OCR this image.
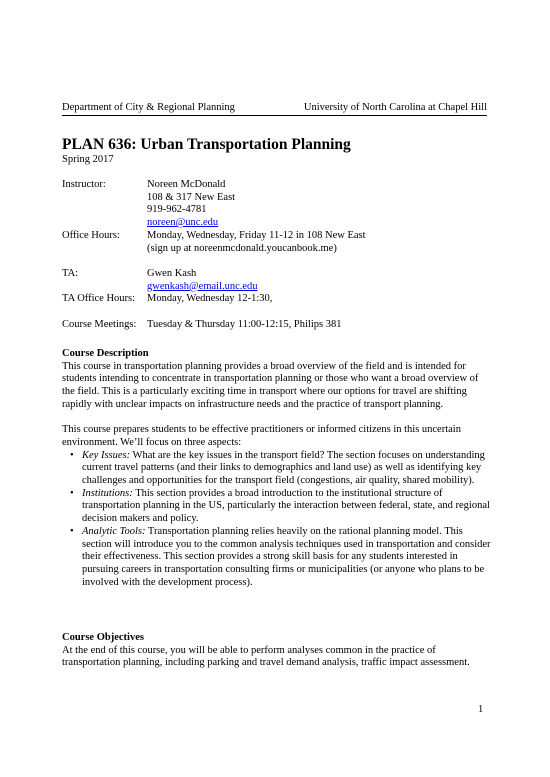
Department of City & Regional Planning	University of North Carolina at Chapel Hill
PLAN 636: Urban Transportation Planning
Spring 2017
Instructor:	Noreen McDonald
108 & 317 New East
919-962-4781
noreen@unc.edu
Office Hours:	Monday, Wednesday, Friday 11-12 in 108 New East
(sign up at noreenmcdonald.youcanbook.me)
TA:	Gwen Kash
gwenkash@email.unc.edu
TA Office Hours:	Monday, Wednesday 12-1:30,
Course Meetings:	Tuesday & Thursday 11:00-12:15, Philips 381
Course Description

This course in transportation planning provides a broad overview of the field and is intended for students intending to concentrate in transportation planning or those who want a broad overview of the field. This is a particularly exciting time in transport where our options for travel are shifting rapidly with unclear impacts on infrastructure needs and the practice of transport planning.

This course prepares students to be effective practitioners or informed citizens in this uncertain environment. We’ll focus on three aspects:

• Key Issues: What are the key issues in the transport field? The section focuses on understanding current travel patterns (and their links to demographics and land use) as well as identifying key challenges and opportunities for the transport field (congestions, air quality, shared mobility).
• Institutions: This section provides a broad introduction to the institutional structure of transportation planning in the US, particularly the interaction between federal, state, and regional decision makers and policy.
• Analytic Tools: Transportation planning relies heavily on the rational planning model. This section will introduce you to the common analysis techniques used in transportation and consider their effectiveness. This section provides a strong skill basis for any students interested in pursuing careers in transportation consulting firms or municipalities (or anyone who plans to be involved with the development process).
Course Objectives

At the end of this course, you will be able to perform analyses common in the practice of transportation planning, including parking and travel demand analysis, traffic impact assessment.

1
